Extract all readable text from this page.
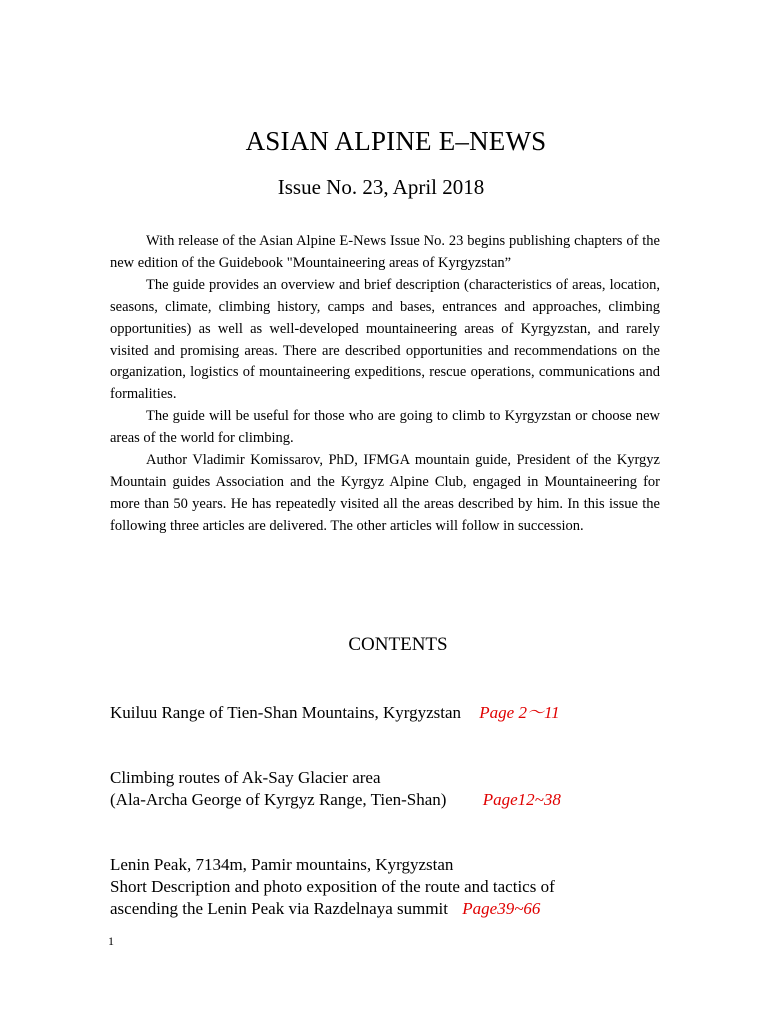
ASIAN ALPINE E–NEWS
Issue No. 23, April 2018

With release of the Asian Alpine E-News Issue No. 23 begins publishing chapters of the new edition of the Guidebook "Mountaineering areas of Kyrgyzstan”

The guide provides an overview and brief description (characteristics of areas, location, seasons, climate, climbing history, camps and bases, entrances and approaches, climbing opportunities) as well as well-developed mountaineering areas of Kyrgyzstan, and rarely visited and promising areas. There are described opportunities and recommendations on the organization, logistics of mountaineering expeditions, rescue operations, communications and formalities.

The guide will be useful for those who are going to climb to Kyrgyzstan or choose new areas of the world for climbing.

Author Vladimir Komissarov, PhD, IFMGA mountain guide, President of the Kyrgyz Mountain guides Association and the Kyrgyz Alpine Club, engaged in Mountaineering for more than 50 years. He has repeatedly visited all the areas described by him. In this issue the following three articles are delivered. The other articles will follow in succession.

CONTENTS
Kuiluu Range of Tien-Shan Mountains, Kyrgyzstan Page 2〜11
Climbing routes of Ak-Say Glacier area
(Ala-Archa George of Kyrgyz Range, Tien-Shan) Page12~38
Lenin Peak, 7134m, Pamir mountains, Kyrgyzstan
Short Description and photo exposition of the route and tactics of
ascending the Lenin Peak via Razdelnaya summit Page39~66
1
